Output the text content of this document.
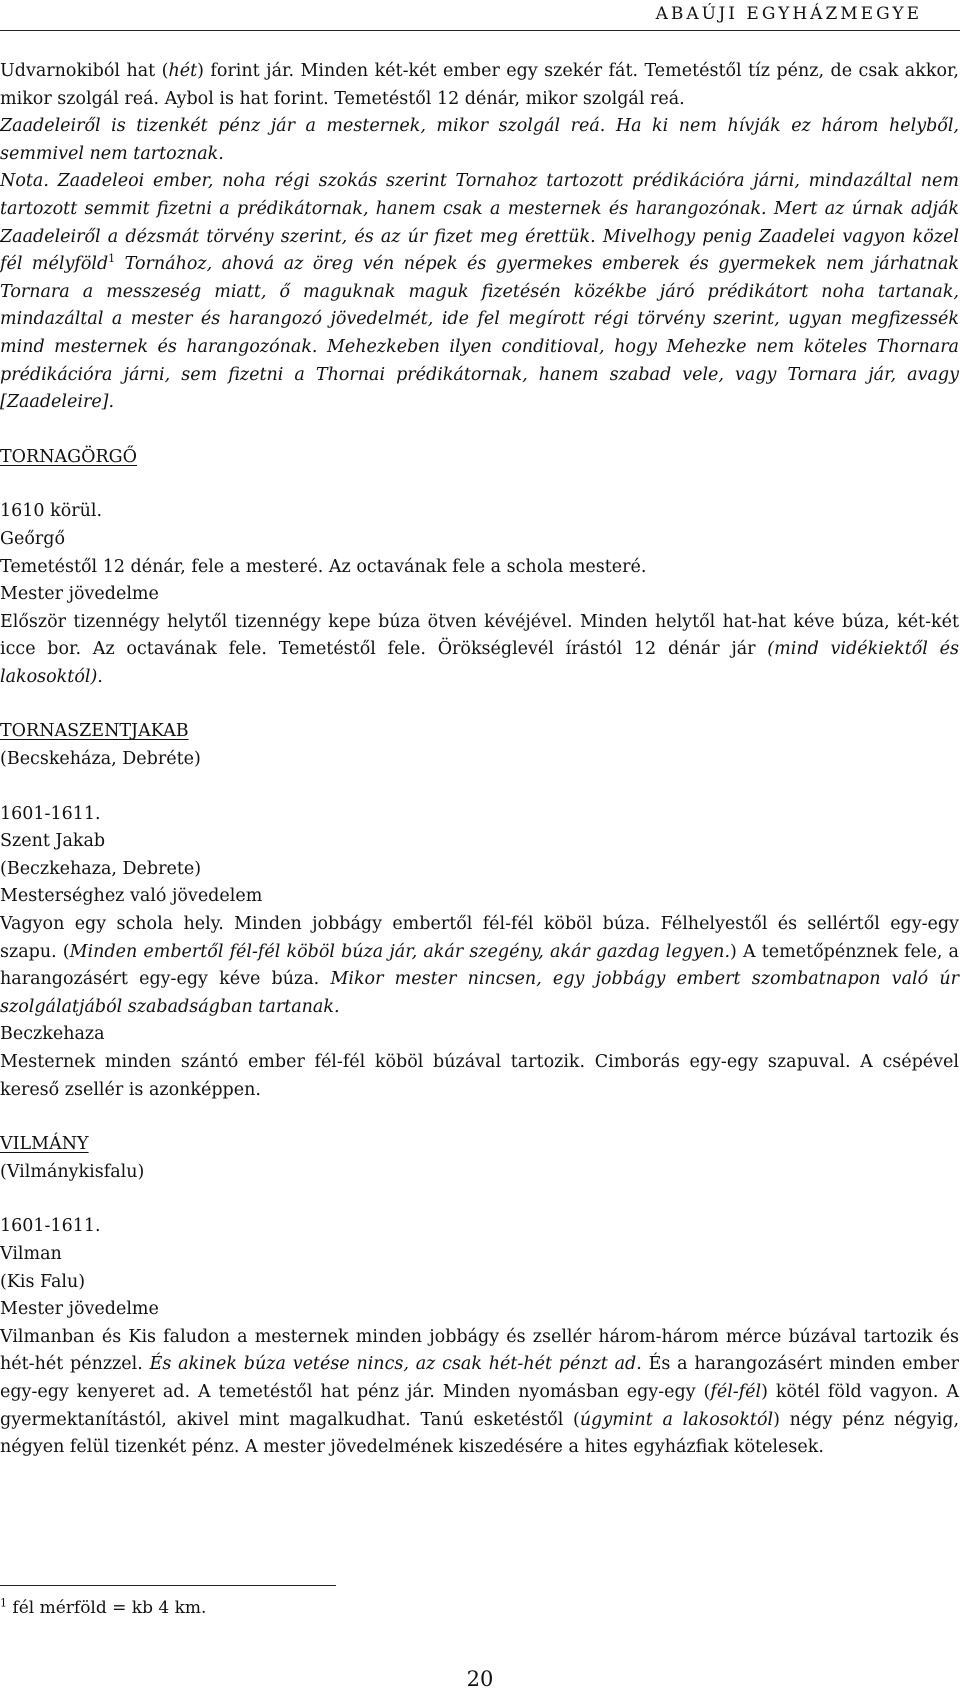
ABAÚJI EGYHÁZMEGYE

Udvarnokiból hat (hét) forint jár. Minden két-két ember egy szekér fát. Temetéstől tíz pénz, de csak akkor, mikor szolgál reá. Aybol is hat forint. Temetéstől 12 dénár, mikor szolgál reá.

Zaadeleiről is tizenkét pénz jár a mesternek, mikor szolgál reá. Ha ki nem hívják ez három helyből, semmivel nem tartoznak.

Nota. Zaadeleoi ember, noha régi szokás szerint Tornahoz tartozott prédikációra járni, mindazáltal nem tartozott semmit fizetni a prédikátornak, hanem csak a mesternek és harangozónak. Mert az úrnak adják Zaadeleiről a dézsmát törvény szerint, és az úr fizet meg érettük. Mivelhogy penig Zaadelei vagyon közel fél mélyföld$^1$ Tornához, ahová az öreg vén népek és gyermekes emberek és gyermekek nem járhatnak Tornara a messzeség miatt, ő maguknak maguk fizetésén közékbe járó prédikátort noha tartanak, mindazáltal a mester és harangozó jövedelmét, ide fel megírott régi törvény szerint, ugyan megfizessék mind mesternek és harangozónak. Mehezkeben ilyen conditioval, hogy Mehezke nem köteles Thornara prédikációra járni, sem fizetni a Thornai prédikátornak, hanem szabad vele, vagy Tornara jár, avagy [Zaadeleire].

TORNAGÖRGŐ

1610 körül.

Geőrgő

Temetéstől 12 dénár, fele a mesteré. Az octavának fele a schola mesteré.

Mester jövedelme

Először tizennégy helytől tizennégy kepe búza ötven kévéjével. Minden helytől hat-hat kéve búza, két-két icce bor. Az octavának fele. Temetéstől fele. Örökséglevél írástól 12 dénár jár (mind vidékiektől és lakosoktól).

TORNASZENTJAKAB

(Becskeháza, Debréte)

1601-1611.

Szent Jakab

(Beczkehaza, Debrete)

Mesterséghez való jövedelem

Vagyon egy schola hely. Minden jobbágy embertől fél-fél köböl búza. Félhelyestől és sellértől egy-egy szapu. (Minden embertől fél-fél köböl búza jár, akár szegény, akár gazdag legyen.) A temetőpénznek fele, a harangozásért egy-egy kéve búza. Mikor mester nincsen, egy jobbágy embert szombatnapon való úr szolgálatjából szabadságban tartanak.

Beczkehaza

Mesternek minden szántó ember fél-fél köböl búzával tartozik. Cimborás egy-egy szapuval. A csépével kereső zsellér is azonképpen.

VILMÁNY

(Vilmánykisfalu)

1601-1611.

Vilman

(Kis Falu)

Mester jövedelme

Vilmanban és Kis faludon a mesternek minden jobbágy és zsellér három-három mérce búzával tartozik és hét-hét pénzzel. És akinek búza vetése nincs, az csak hét-hét pénzt ad. És a harangozásért minden ember egy-egy kenyeret ad. A temetéstől hat pénz jár. Minden nyomásban egy-egy (fél-fél) kötél föld vagyon. A gyermektanítástól, akivel mint magalkudhat. Tanú esketéstől (úgymint a lakosoktól) négy pénz négyig, négyen felül tizenkét pénz. A mester jövedelmének kiszedésére a hites egyházfiak kötelesek.

$^1$ fél mérföld = kb 4 km.
20
